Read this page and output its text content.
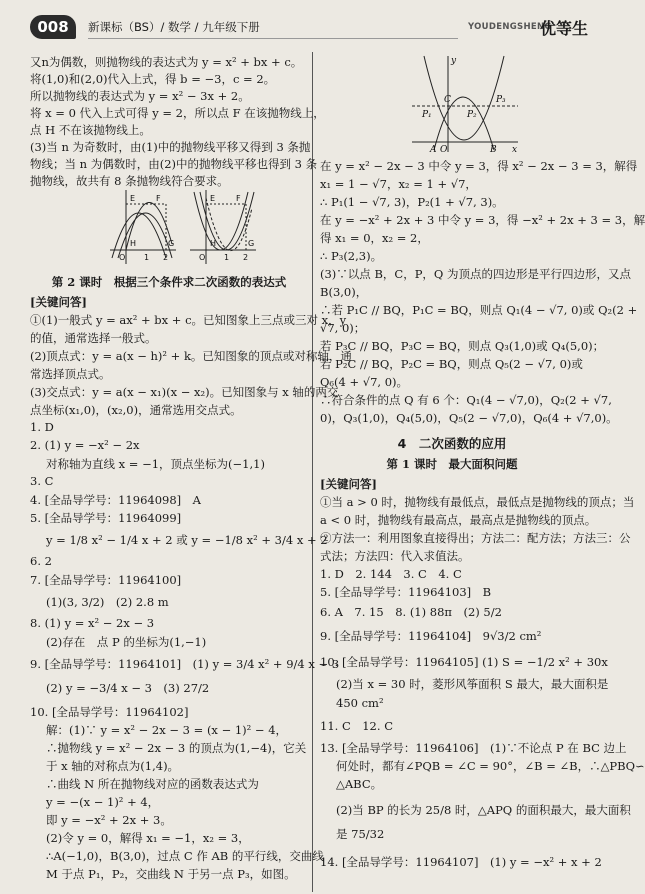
008	新课标（BS）/ 数学 / 九年级下册	YOUDENGSHENG
优等生
又n为偶数，则抛物线的表达式为 y = x² + bx + c。
将(1,0)和(2,0)代入上式，得 b = −3，c = 2。
所以抛物线的表达式为 y = x² − 3x + 2。
将 x = 0 代入上式可得 y = 2，所以点 F 在该抛物线上，
点 H 不在该抛物线上。
(3)当 n 为奇数时，由(1)中的抛物线平移又得到 3 条抛
物线；当 n 为偶数时，由(2)中的抛物线平移也得到 3 条
抛物线，故共有 8 条抛物线符合要求。
E	F
G
H
O 1 2
E	F
G
H
O 1 2
第 2 课时　根据三个条件求二次函数的表达式
[关键问答]
①(1)一般式 y = ax² + bx + c。已知图象上三点或三对 x，y
的值，通常选择一般式。
(2)顶点式：y = a(x − h)² + k。已知图象的顶点或对称轴，通
常选择顶点式。
(3)交点式：y = a(x − x₁)(x − x₂)。已知图象与 x 轴的两交
点坐标(x₁,0)，(x₂,0)，通常选用交点式。
1. D
2. (1) y = −x² − 2x
对称轴为直线 x = −1，顶点坐标为(−1,1)
3. C
4. [全品导学号：11964098]　A
5. [全品导学号：11964099]
y = 1/8 x² − 1/4 x + 2 或 y = −1/8 x² + 3/4 x + 2
6. 2
7. [全品导学号：11964100]
(1)(3, 3/2)　(2) 2.8 m
8. (1) y = x² − 2x − 3
(2)存在　点 P 的坐标为(1,−1)
9. [全品导学号：11964101]　(1) y = 3/4 x² + 9/4 x − 3
(2) y = −3/4 x − 3　(3) 27/2
10. [全品导学号：11964102]
解：(1)∵ y = x² − 2x − 3 = (x − 1)² − 4，
∴抛物线 y = x² − 2x − 3 的顶点为(1,−4)，它关
于 x 轴的对称点为(1,4)。
∴曲线 N 所在抛物线对应的函数表达式为
y = −(x − 1)² + 4，
即 y = −x² + 2x + 3。
(2)令 y = 0，解得 x₁ = −1，x₂ = 3，
∴A(−1,0)，B(3,0)，过点 C 作 AB 的平行线，交曲线
M 于点 P₁，P₂，交曲线 N 于另一点 P₃，如图。
y
x
C
P₁	P₂
P₃
A O	B
在 y = x² − 2x − 3 中令 y = 3，得 x² − 2x − 3 = 3，解得
x₁ = 1 − √7，x₂ = 1 + √7，
∴ P₁(1 − √7, 3)，P₂(1 + √7, 3)。
在 y = −x² + 2x + 3 中令 y = 3，得 −x² + 2x + 3 = 3，解
得 x₁ = 0，x₂ = 2，
∴ P₃(2,3)。
(3)∵以点 B，C，P，Q 为顶点的四边形是平行四边形，又点
B(3,0)，
∴若 P₁C // BQ，P₁C = BQ，则点 Q₁(4 − √7, 0)或 Q₂(2 +
√7, 0)；
若 P₃C // BQ，P₃C = BQ，则点 Q₃(1,0)或 Q₄(5,0)；
若 P₂C // BQ，P₂C = BQ，则点 Q₅(2 − √7, 0)或
Q₆(4 + √7, 0)。
∴符合条件的点 Q 有 6 个：Q₁(4 − √7,0)，Q₂(2 + √7,
0)，Q₃(1,0)，Q₄(5,0)，Q₅(2 − √7,0)，Q₆(4 + √7,0)。
4　二次函数的应用
第 1 课时　最大面积问题
[关键问答]
①当 a > 0 时，抛物线有最低点，最低点是抛物线的顶点；当
a < 0 时，抛物线有最高点，最高点是抛物线的顶点。
②方法一：利用图象直接得出；方法二：配方法；方法三：公
式法；方法四：代入求值法。
1. D　2. 144　3. C　4. C
5. [全品导学号：11964103]　B
6. A　7. 15　8. (1) 88π　(2) 5/2
9. [全品导学号：11964104]　9√3/2 cm²
10. [全品导学号：11964105] (1) S = −1/2 x² + 30x
(2)当 x = 30 时，菱形风筝面积 S 最大，最大面积是
450 cm²
11. C　12. C
13. [全品导学号：11964106]　(1)∵不论点 P 在 BC 边上
何处时，都有∠PQB = ∠C = 90°，∠B = ∠B，∴△PBQ∽
△ABC。
(2)当 BP 的长为 25/8 时，△APQ 的面积最大，最大面积
是 75/32
14. [全品导学号：11964107]　(1) y = −x² + x + 2
